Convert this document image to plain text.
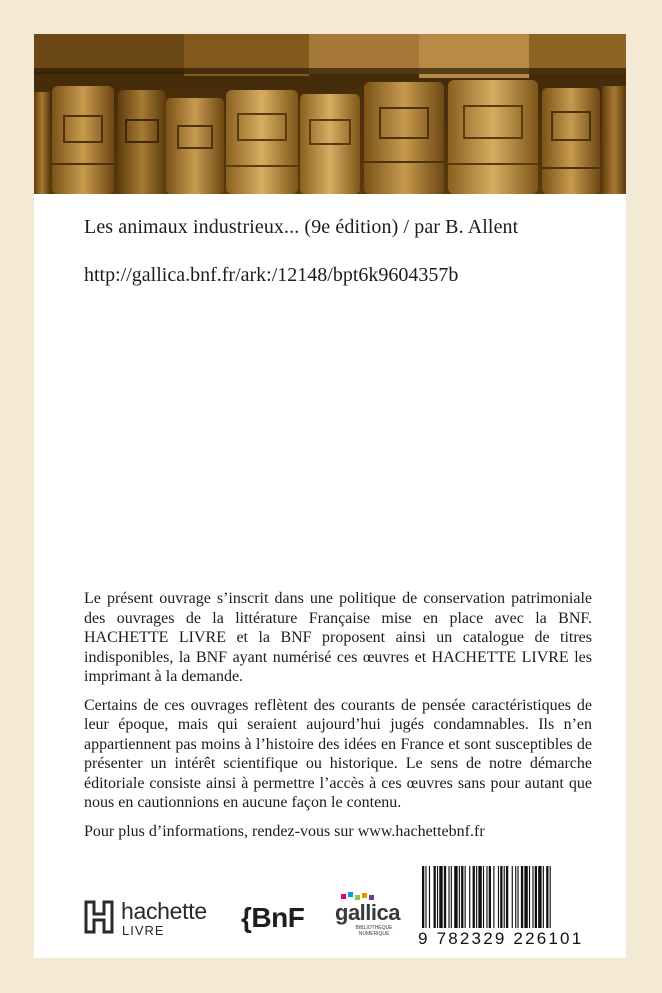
Les animaux industrieux... (9e édition) / par B. Allent
http://gallica.bnf.fr/ark:/12148/bpt6k9604357b

Le présent ouvrage s’inscrit dans une politique de conservation patrimoniale des ouvrages de la littérature Française mise en place avec la BNF. HACHETTE LIVRE et la BNF proposent ainsi un catalogue de titres indisponibles, la BNF ayant numérisé ces œuvres et HACHETTE LIVRE les imprimant à la demande.

Certains de ces ouvrages reflètent des courants de pensée caractéristiques de leur époque, mais qui seraient aujourd’hui jugés condamnables. Ils n’en appartiennent pas moins à l’histoire des idées en France et sont susceptibles de présenter un intérêt scientifique ou historique. Le sens de notre démarche éditoriale consiste ainsi à permettre l’accès à ces œuvres sans pour autant que nous en cautionnions en aucune façon le contenu.

Pour plus d’informations, rendez-vous sur www.hachettebnf.fr

hachette
LIVRE	{BnF gallica
BIBLIOTHÈQUE
NUMÉRIQUE	9 782329 226101
